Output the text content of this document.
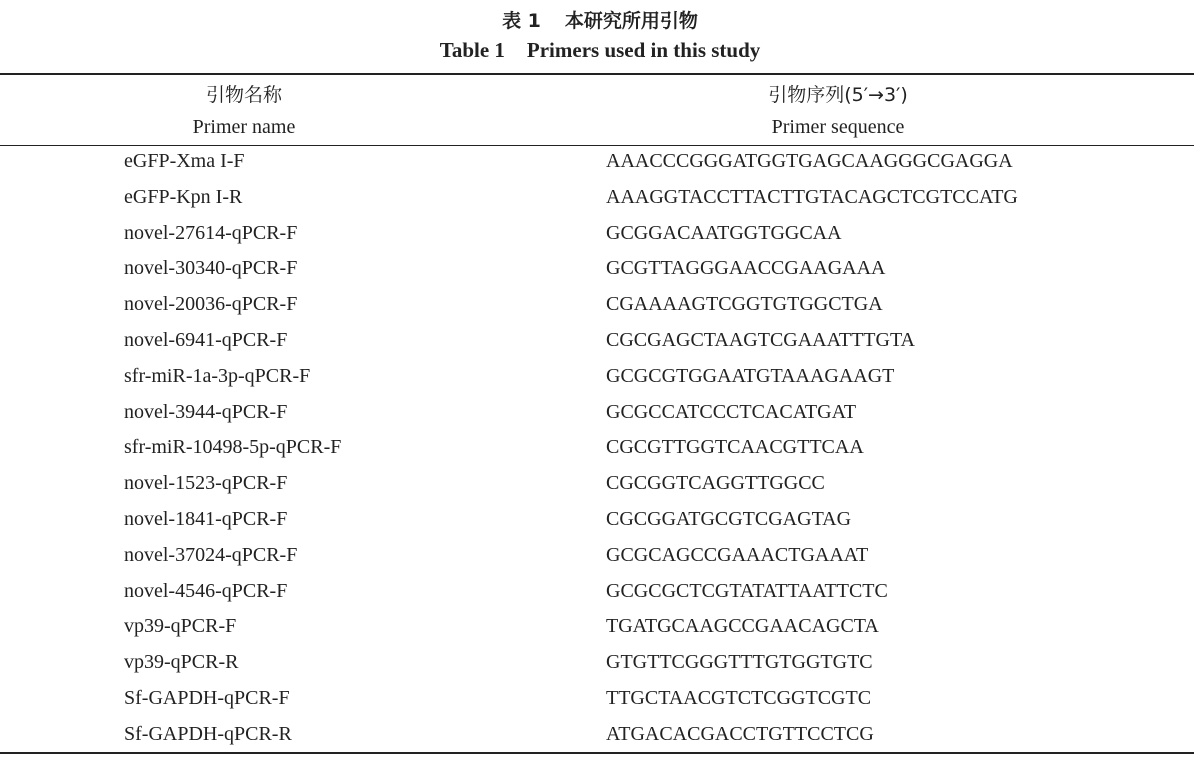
表 1 本研究所用引物
Table 1 Primers used in this study
引物名称	引物序列(5′→3′)
Primer name	Primer sequence
eGFP-Xma I-F	AAACCCGGGATGGTGAGCAAGGGCGAGGA
eGFP-Kpn I-R	AAAGGTACCTTACTTGTACAGCTCGTCCATG
novel-27614-qPCR-F	GCGGACAATGGTGGCAA
novel-30340-qPCR-F	GCGTTAGGGAACCGAAGAAA
novel-20036-qPCR-F	CGAAAAGTCGGTGTGGCTGA
novel-6941-qPCR-F	CGCGAGCTAAGTCGAAATTTGTA
sfr-miR-1a-3p-qPCR-F	GCGCGTGGAATGTAAAGAAGT
novel-3944-qPCR-F	GCGCCATCCCTCACATGAT
sfr-miR-10498-5p-qPCR-F	CGCGTTGGTCAACGTTCAA
novel-1523-qPCR-F	CGCGGTCAGGTTGGCC
novel-1841-qPCR-F	CGCGGATGCGTCGAGTAG
novel-37024-qPCR-F	GCGCAGCCGAAACTGAAAT
novel-4546-qPCR-F	GCGCGCTCGTATATTAATTCTC
vp39-qPCR-F	TGATGCAAGCCGAACAGCTA
vp39-qPCR-R	GTGTTCGGGTTTGTGGTGTC
Sf-GAPDH-qPCR-F	TTGCTAACGTCTCGGTCGTC
Sf-GAPDH-qPCR-R	ATGACACGACCTGTTCCTCG
